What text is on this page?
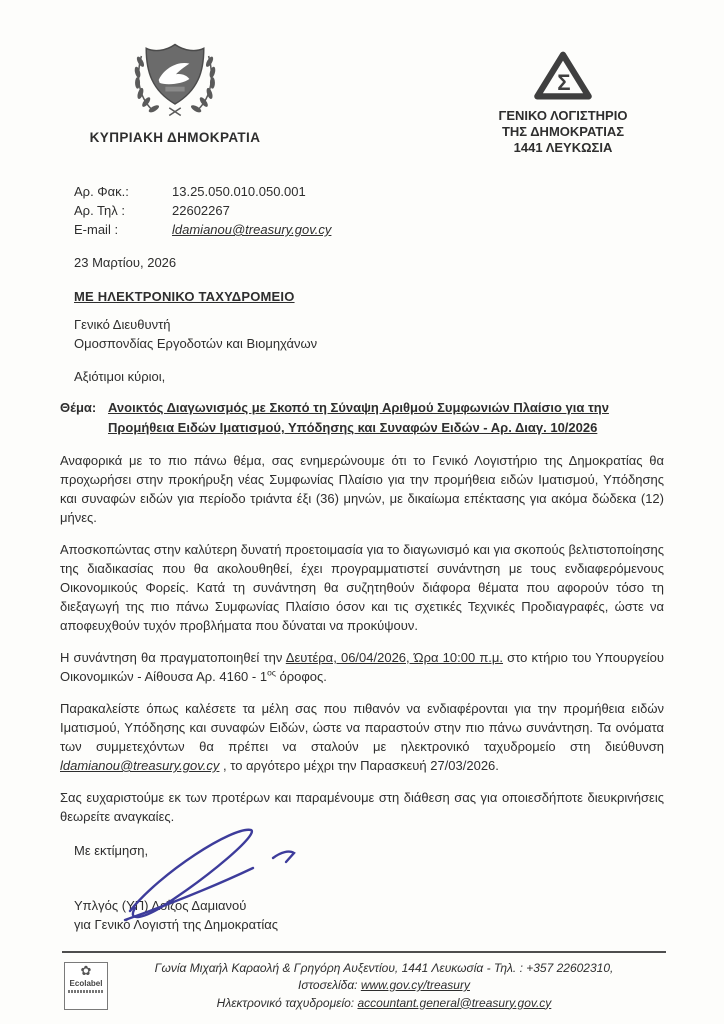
ΚΥΠΡΙΑΚΗ ΔΗΜΟΚΡΑΤΙΑ
Σ
ΓΕΝΙΚΟ ΛΟΓΙΣΤΗΡΙΟ
ΤΗΣ ΔΗΜΟΚΡΑΤΙΑΣ
1441 ΛΕΥΚΩΣΙΑ
Αρ. Φακ.:	13.25.050.010.050.001
Αρ. Τηλ :	22602267
E-mail :	ldamianou@treasury.gov.cy
23 Μαρτίου, 2026
ΜΕ ΗΛΕΚΤΡΟΝΙΚΟ ΤΑΧΥΔΡΟΜΕΙΟ
Γενικό Διευθυντή
Ομοσπονδίας Εργοδοτών και Βιομηχάνων
Αξιότιμοι κύριοι,
Θέμα: Ανοικτός Διαγωνισμός με Σκοπό τη Σύναψη Αριθμού Συμφωνιών Πλαίσιο για την Προμήθεια Ειδών Ιματισμού, Υπόδησης και Συναφών Ειδών - Αρ. Διαγ. 10/2026

Αναφορικά με το πιο πάνω θέμα, σας ενημερώνουμε ότι το Γενικό Λογιστήριο της Δημοκρατίας θα προχωρήσει στην προκήρυξη νέας Συμφωνίας Πλαίσιο για την προμήθεια ειδών Ιματισμού, Υπόδησης και συναφών ειδών για περίοδο τριάντα έξι (36) μηνών, με δικαίωμα επέκτασης για ακόμα δώδεκα (12) μήνες.

Αποσκοπώντας στην καλύτερη δυνατή προετοιμασία για το διαγωνισμό και για σκοπούς βελτιστοποίησης της διαδικασίας που θα ακολουθηθεί, έχει προγραμματιστεί συνάντηση με τους ενδιαφερόμενους Οικονομικούς Φορείς. Κατά τη συνάντηση θα συζητηθούν διάφορα θέματα που αφορούν τόσο τη διεξαγωγή της πιο πάνω Συμφωνίας Πλαίσιο όσον και τις σχετικές Τεχνικές Προδιαγραφές, ώστε να αποφευχθούν τυχόν προβλήματα που δύναται να προκύψουν.

Η συνάντηση θα πραγματοποιηθεί την Δευτέρα, 06/04/2026, Ώρα 10:00 π.μ. στο κτήριο του Υπουργείου Οικονομικών - Αίθουσα Αρ. $4160 - 1^{o\varsigma}$ όροφος.

Παρακαλείστε όπως καλέσετε τα μέλη σας που πιθανόν να ενδιαφέρονται για την προμήθεια ειδών Ιματισμού, Υπόδησης και συναφών Ειδών, ώστε να παραστούν στην πιο πάνω συνάντηση. Τα ονόματα των συμμετεχόντων θα πρέπει να σταλούν με ηλεκτρονικό ταχυδρομείο στη διεύθυνση ldamianou@treasury.gov.cy , το αργότερο μέχρι την Παρασκευή 27/03/2026.

Σας ευχαριστούμε εκ των προτέρων και παραμένουμε στη διάθεση σας για οποιεσδήποτε διευκρινήσεις θεωρείτε αναγκαίες.

Με εκτίμηση,
Υπλγός (ΥΠ) Λοΐζος Δαμιανού
για Γενικό Λογιστή της Δημοκρατίας
✿
Ecolabel
Γωνία Μιχαήλ Καραολή & Γρηγόρη Αυξεντίου, 1441 Λευκωσία - Τηλ. : +357 22602310,
Ιστοσελίδα: www.gov.cy/treasury
Ηλεκτρονικό ταχυδρομείο: accountant.general@treasury.gov.cy
